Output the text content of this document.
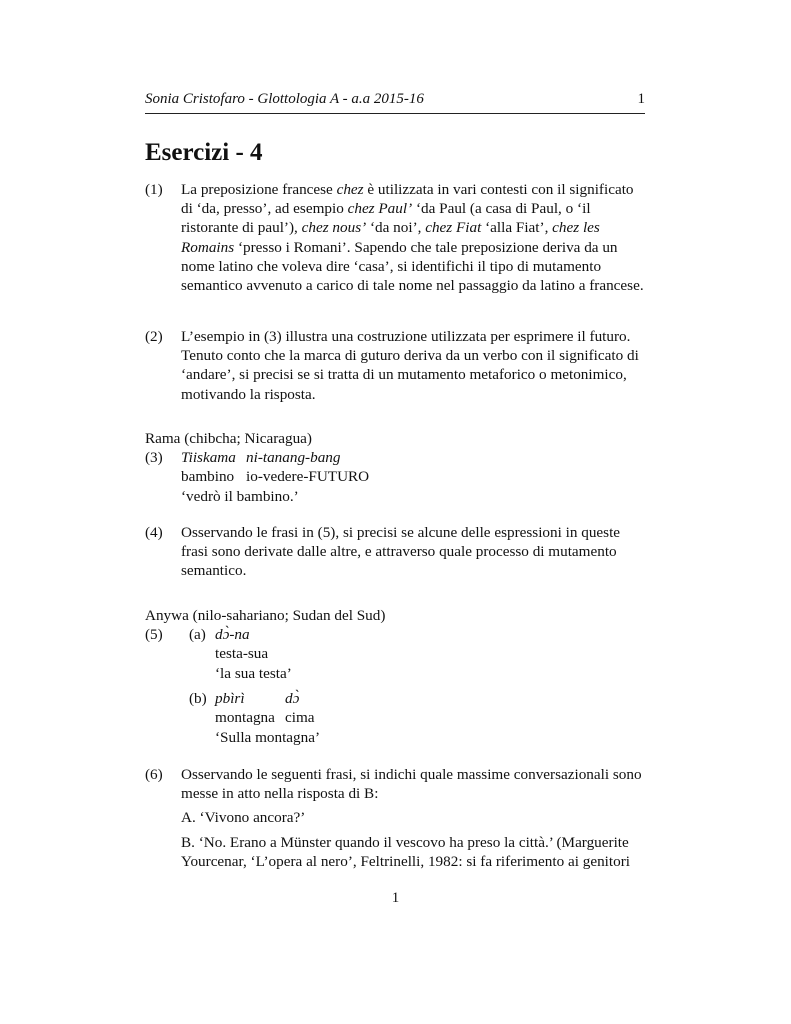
Sonia Cristofaro - Glottologia A - a.a 2015-16	1
Esercizi - 4
(1) La preposizione francese chez è utilizzata in vari contesti con il significato di ‘da, presso’, ad esempio chez Paul’ ‘da Paul (a casa di Paul, o ‘il ristorante di paul’), chez nous’ ‘da noi’, chez Fiat ‘alla Fiat’, chez les Romains ‘presso i Romani’. Sapendo che tale preposizione deriva da un nome latino che voleva dire ‘casa’, si identifichi il tipo di mutamento semantico avvenuto a carico di tale nome nel passaggio da latino a francese.
(2) L’esempio in (3) illustra una costruzione utilizzata per esprimere il futuro. Tenuto conto che la marca di guturo deriva da un verbo con il significato di ‘andare’, si precisi se si tratta di un mutamento metaforico o metonimico, motivando la risposta.
Rama (chibcha; Nicaragua)
(3) Tiiskama ni-tanang-bang
bambino io-vedere-FUTURO
‘vedrò il bambino.’
(4) Osservando le frasi in (5), si precisi se alcune delle espressioni in queste frasi sono derivate dalle altre, e attraverso quale processo di mutamento semantico.
Anywa (nilo-sahariano; Sudan del Sud)
(5) (a) dɔ̀-na
testa-sua
‘la sua testa’
(b) pbìrì	dɔ̀
montagna cima
‘Sulla montagna’
(6) Osservando le seguenti frasi, si indichi quale massime conversazionali sono messe in atto nella risposta di B:
A. ‘Vivono ancora?’
B. ‘No. Erano a Münster quando il vescovo ha preso la città.’ (Marguerite Yourcenar, ‘L’opera al nero’, Feltrinelli, 1982: si fa riferimento ai genitori
1
